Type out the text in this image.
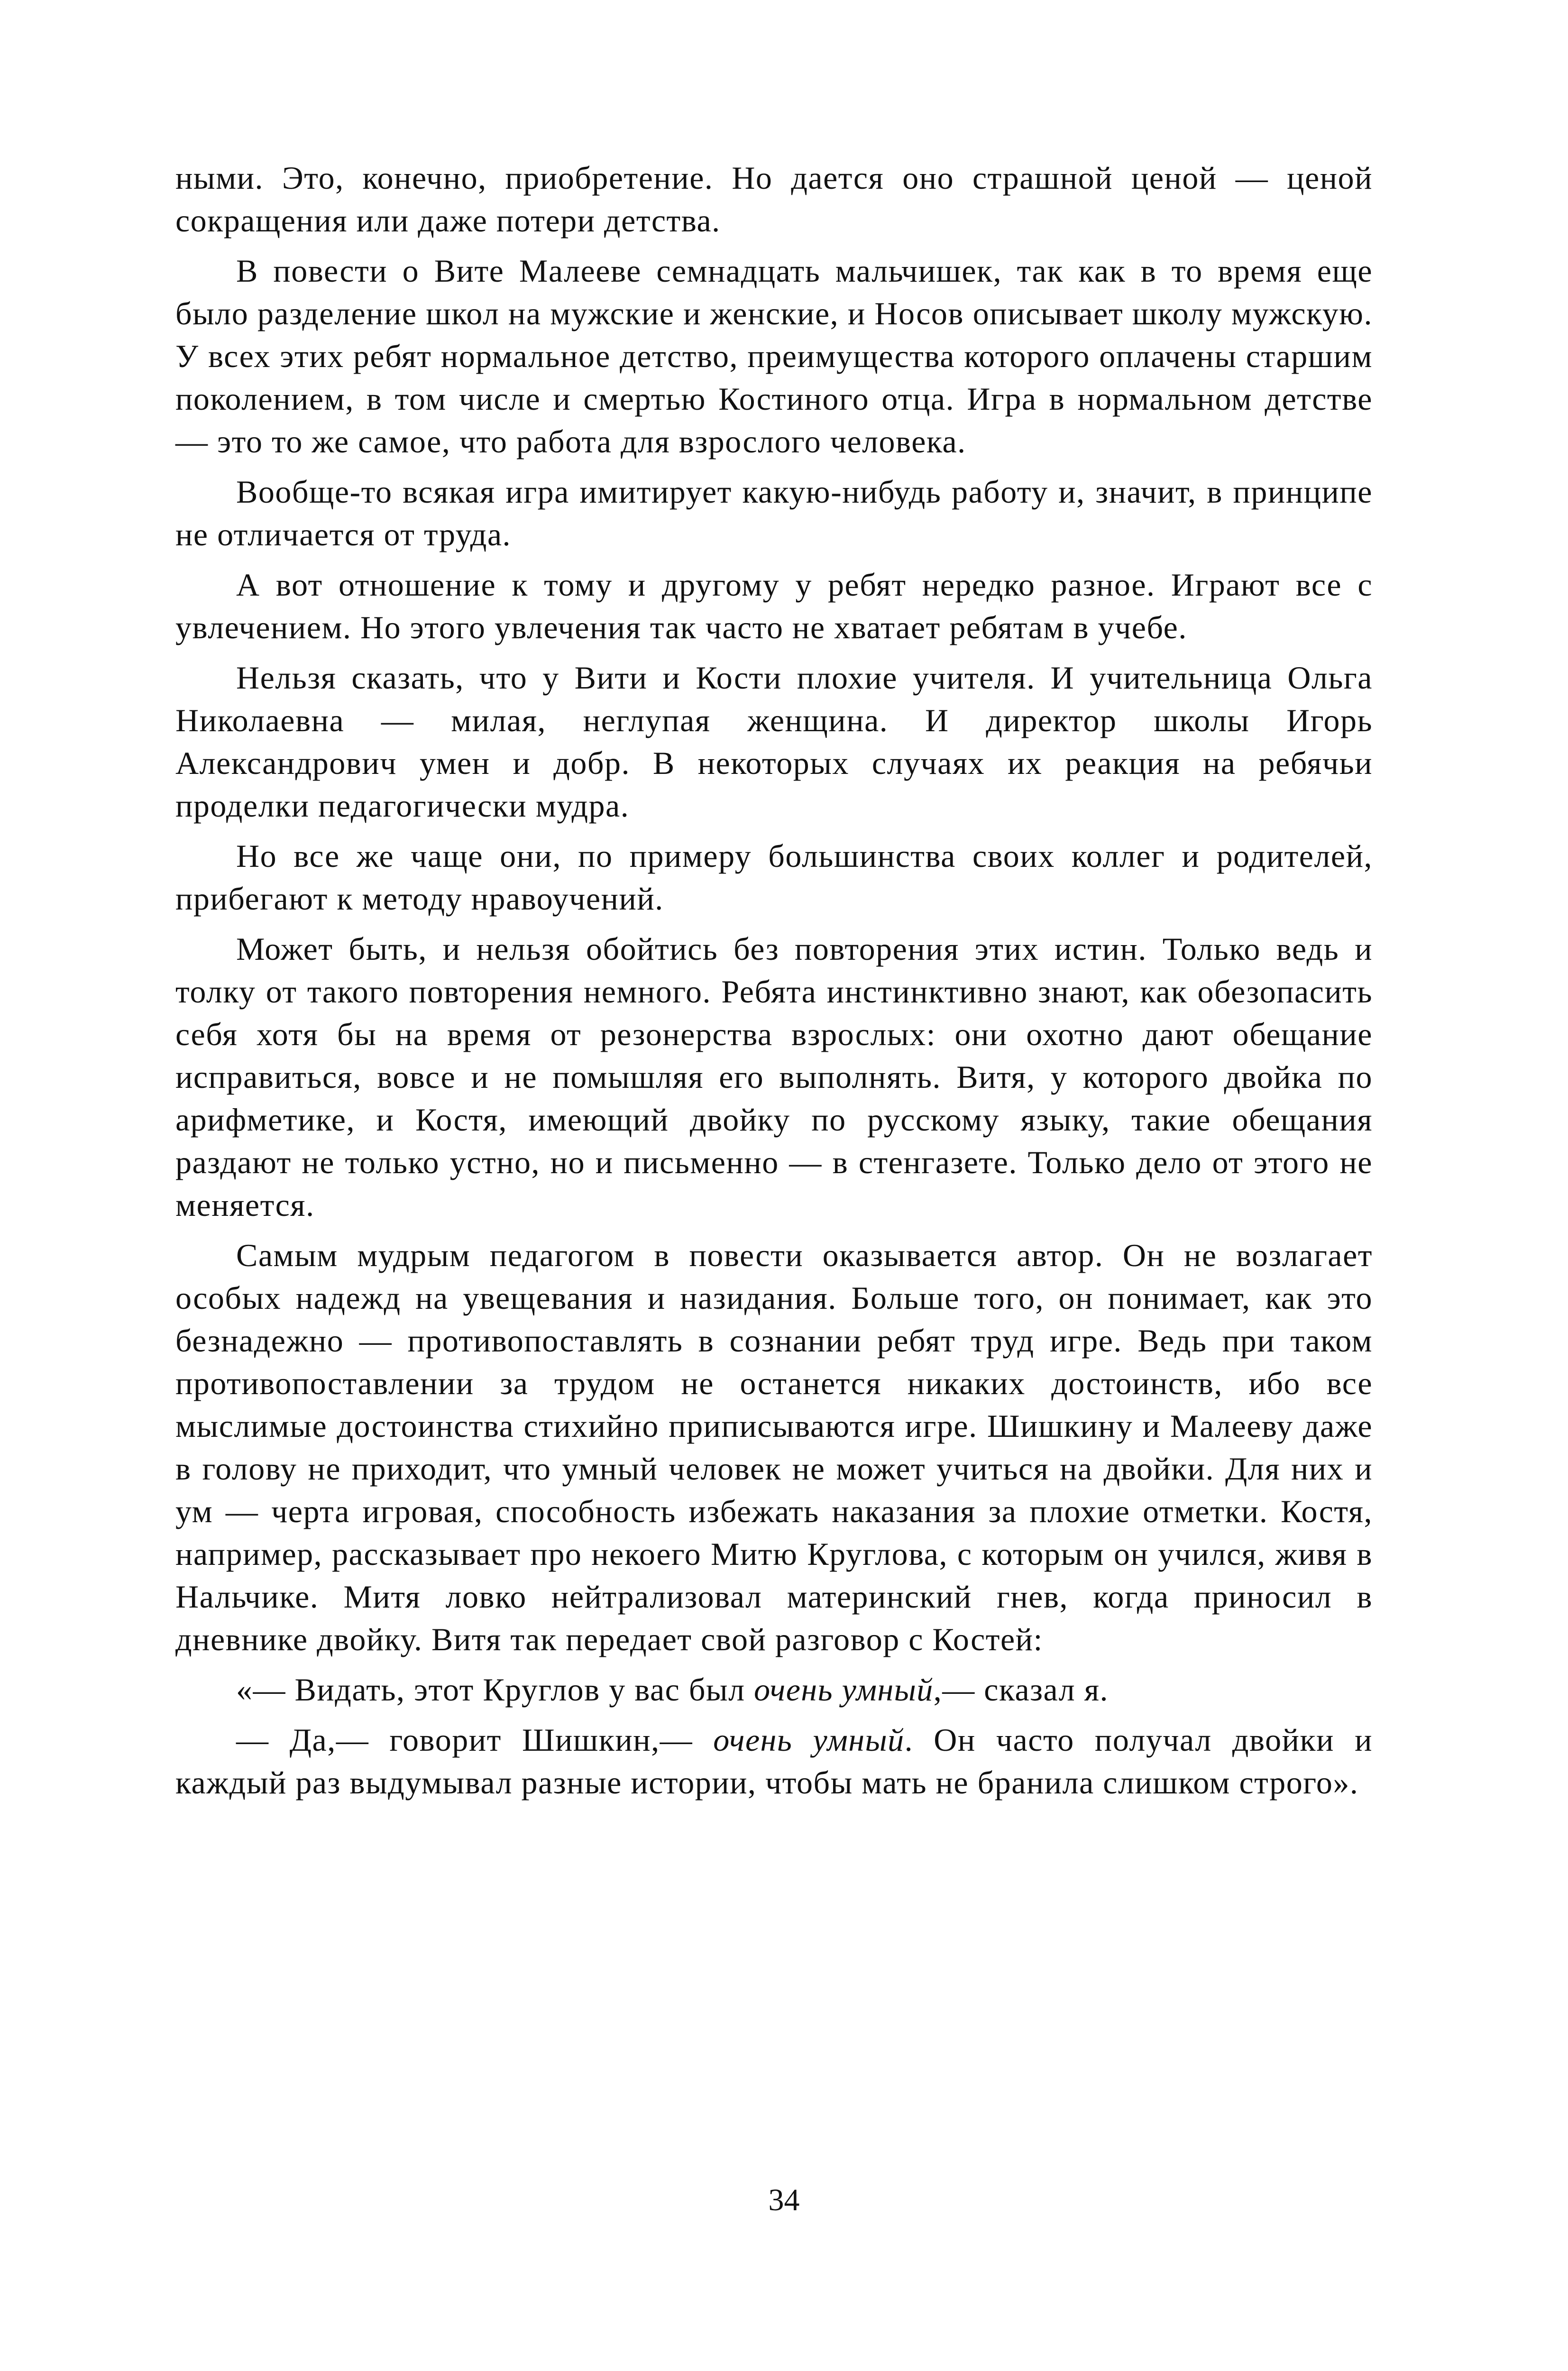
ными. Это, конечно, приобретение. Но дается оно страшной ценой — ценой сокращения или даже потери детства.

В повести о Вите Малееве семнадцать мальчишек, так как в то время еще было разделение школ на мужские и женские, и Носов описывает школу мужскую. У всех этих ребят нормальное детство, преимущества которого оплачены старшим поколением, в том числе и смертью Костиного отца. Игра в нормальном детстве — это то же самое, что работа для взрослого человека.

Вообще-то всякая игра имитирует какую-нибудь работу и, значит, в принципе не отличается от труда.

А вот отношение к тому и другому у ребят нередко разное. Играют все с увлечением. Но этого увлечения так часто не хватает ребятам в учебе.

Нельзя сказать, что у Вити и Кости плохие учителя. И учительница Ольга Николаевна — милая, неглупая женщина. И директор школы Игорь Александрович умен и добр. В некоторых случаях их реакция на ребячьи проделки педагогически мудра.

Но все же чаще они, по примеру большинства своих коллег и родителей, прибегают к методу нравоучений.

Может быть, и нельзя обойтись без повторения этих истин. Только ведь и толку от такого повторения немного. Ребята инстинктивно знают, как обезопасить себя хотя бы на время от резонерства взрослых: они охотно дают обещание исправиться, вовсе и не помышляя его выполнять. Витя, у которого двойка по арифметике, и Костя, имеющий двойку по русскому языку, такие обещания раздают не только устно, но и письменно — в стенгазете. Только дело от этого не меняется.

Самым мудрым педагогом в повести оказывается автор. Он не возлагает особых надежд на увещевания и назидания. Больше того, он понимает, как это безнадежно — противопоставлять в сознании ребят труд игре. Ведь при таком противопоставлении за трудом не останется никаких достоинств, ибо все мыслимые достоинства стихийно приписываются игре. Шишкину и Малееву даже в голову не приходит, что умный человек не может учиться на двойки. Для них и ум — черта игровая, способность избежать наказания за плохие отметки. Костя, например, рассказывает про некоего Митю Круглова, с которым он учился, живя в Нальчике. Митя ловко нейтрализовал материнский гнев, когда приносил в дневнике двойку. Витя так передает свой разговор с Костей:

«— Видать, этот Круглов у вас был очень умный,— сказал я.

— Да,— говорит Шишкин,— очень умный. Он часто получал двойки и каждый раз выдумывал разные истории, чтобы мать не бранила слишком строго».

34
